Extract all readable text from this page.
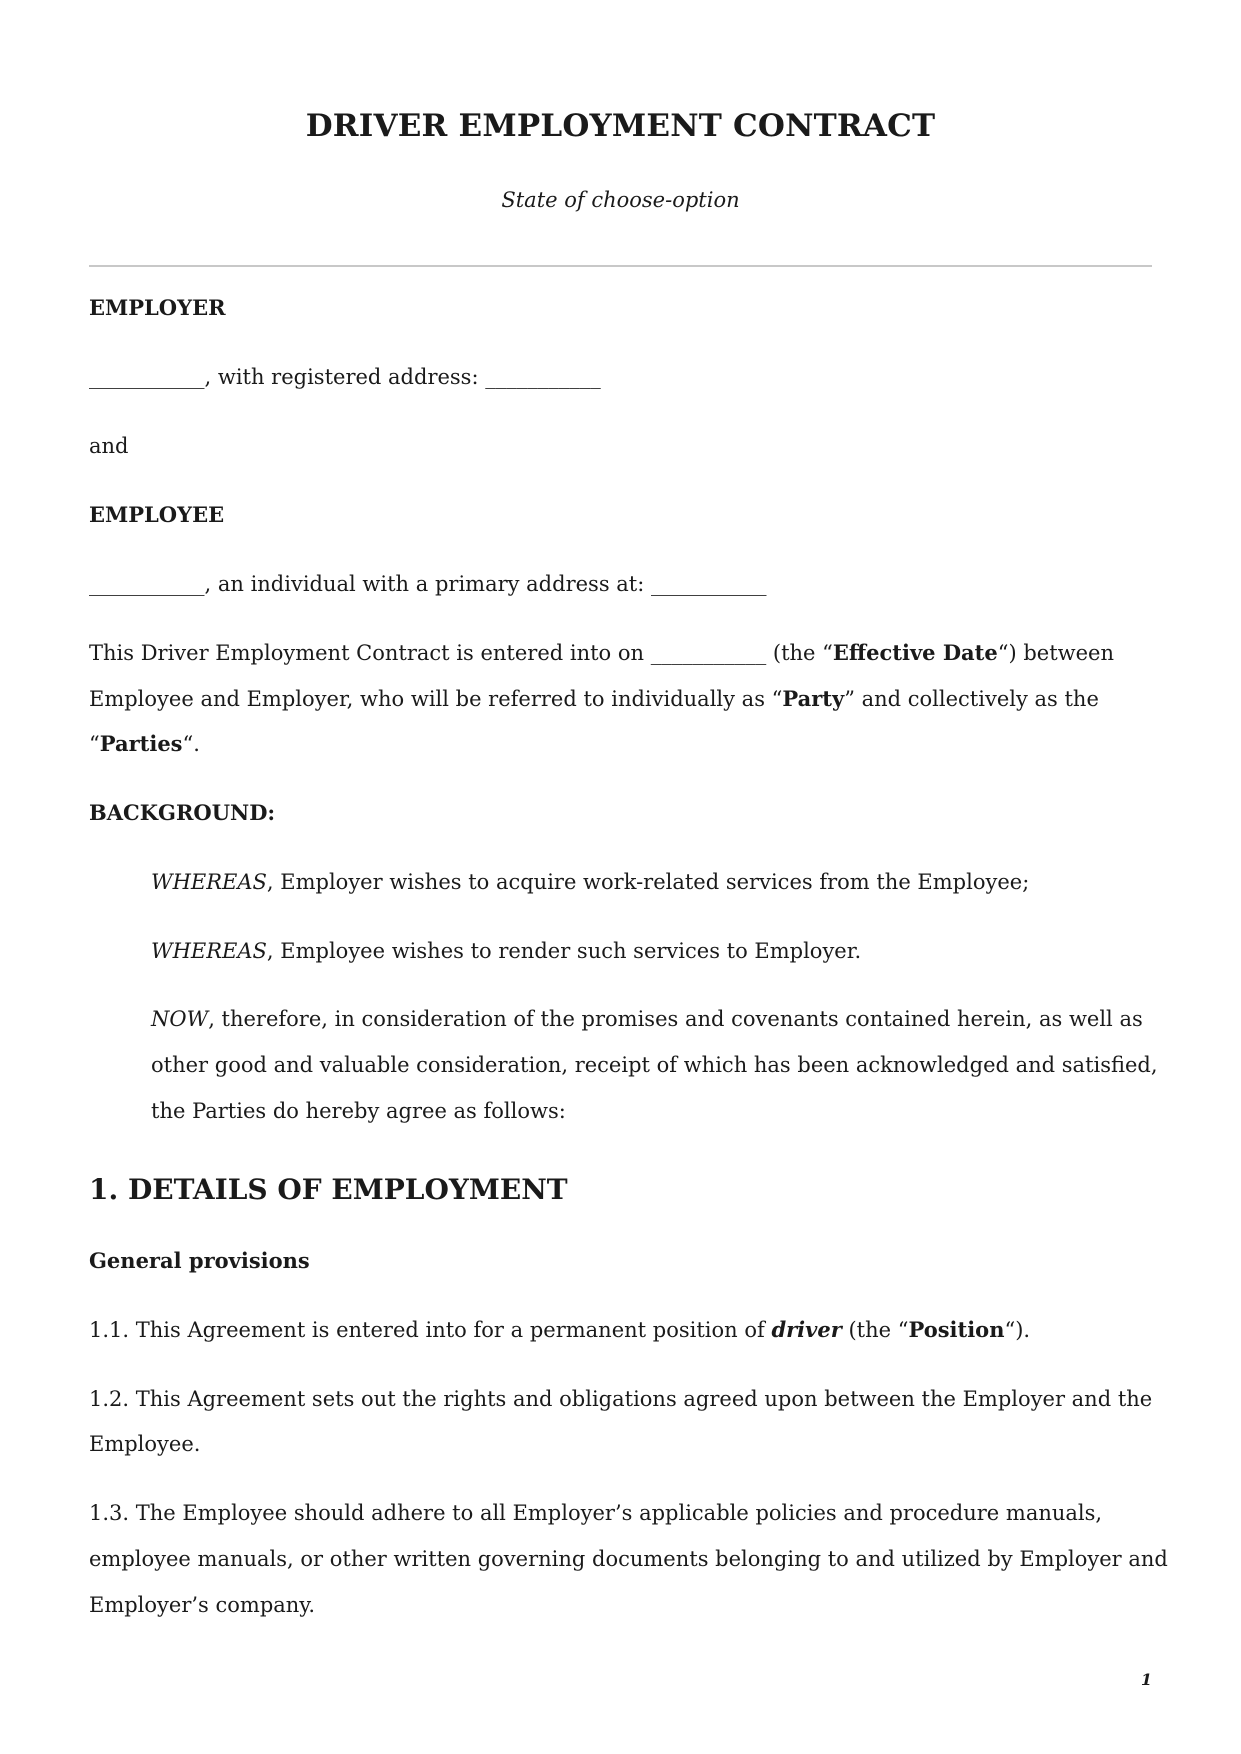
DRIVER EMPLOYMENT CONTRACT
State of choose-option

EMPLOYER

___________, with registered address: ___________

and

EMPLOYEE

___________, an individual with a primary address at: ___________

This Driver Employment Contract is entered into on ___________ (the “Effective Date“) between

Employee and Employer, who will be referred to individually as “Party” and collectively as the

“Parties“.

BACKGROUND:

WHEREAS, Employer wishes to acquire work-related services from the Employee;

WHEREAS, Employee wishes to render such services to Employer.

NOW, therefore, in consideration of the promises and covenants contained herein, as well as

other good and valuable consideration, receipt of which has been acknowledged and satisfied,

the Parties do hereby agree as follows:

1. DETAILS OF EMPLOYMENT

General provisions

1.1. This Agreement is entered into for a permanent position of driver (the “Position“).

1.2. This Agreement sets out the rights and obligations agreed upon between the Employer and the

Employee.

1.3. The Employee should adhere to all Employer’s applicable policies and procedure manuals,

employee manuals, or other written governing documents belonging to and utilized by Employer and

Employer’s company.

1
